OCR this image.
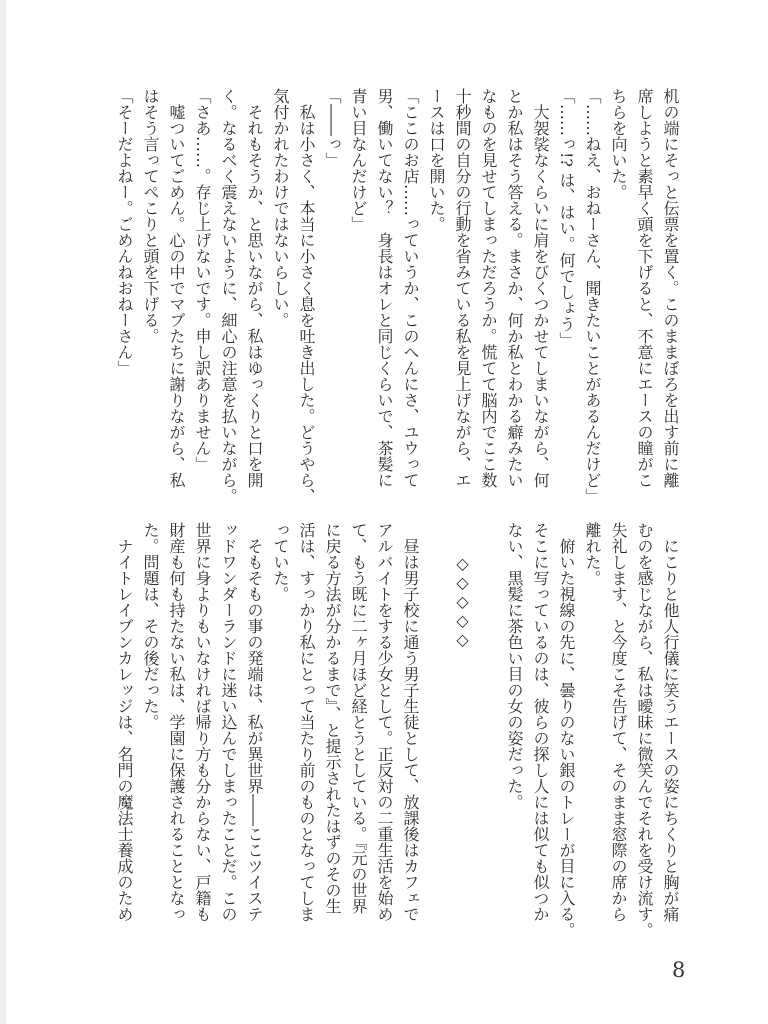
机の端にそっと伝票を置く。このままぼろを出す前に離
席しようと素早く頭を下げると、不意にエースの瞳がこ
ちらを向いた。
「……ねえ、おねーさん、聞きたいことがあるんだけど」
「……っ!? は、はい。何でしょう」
　大袈裟なくらいに肩をびくつかせてしまいながら、何
とか私はそう答える。まさか、何か私とわかる癖みたい
なものを見せてしまっただろうか。慌てて脳内でここ数
十秒間の自分の行動を省みている私を見上げながら、エ
ースは口を開いた。
「ここのお店……っていうか、このへんにさ、ユウって
男、働いてない？　身長はオレと同じくらいで、茶髪に
青い目なんだけど」
「――っ」
　私は小さく、本当に小さく息を吐き出した。どうやら、
気付かれたわけではないらしい。
　それもそうか、と思いながら、私はゆっくりと口を開
く。なるべく震えないように、細心の注意を払いながら。
「さあ……。存じ上げないです。申し訳ありません」
　嘘ついてごめん。心の中でマブたちに謝りながら、私
はそう言ってぺこりと頭を下げる。
「そーだよねー。ごめんねおねーさん」
　にこりと他人行儀に笑うエースの姿にちくりと胸が痛
むのを感じながら、私は曖昧に微笑んでそれを受け流す。
失礼します、と今度こそ告げて、そのまま窓際の席から
離れた。
　俯いた視線の先に、曇りのない銀のトレーが目に入る。
そこに写っているのは、彼らの探し人には似ても似つか
ない、黒髪に茶色い目の女の姿だった。
　　◇◇◇◇◇
　昼は男子校に通う男子生徒として、放課後はカフェで
アルバイトをする少女として。正反対の二重生活を始め
て、もう既に二ヶ月ほど経とうとしている。『元の世界
に戻る方法が分かるまで』、と提示されたはずのその生
活は、すっかり私にとって当たり前のものとなってしま
っていた。
　そもそもの事の発端は、私が異世界――ここツイステ
ッドワンダーランドに迷い込んでしまったことだ。この
世界に身よりもいなければ帰り方も分からない、戸籍も
財産も何も持たない私は、学園に保護されることとなっ
た。問題は、その後だった。
　ナイトレイブンカレッジは、名門の魔法士養成のため
8
